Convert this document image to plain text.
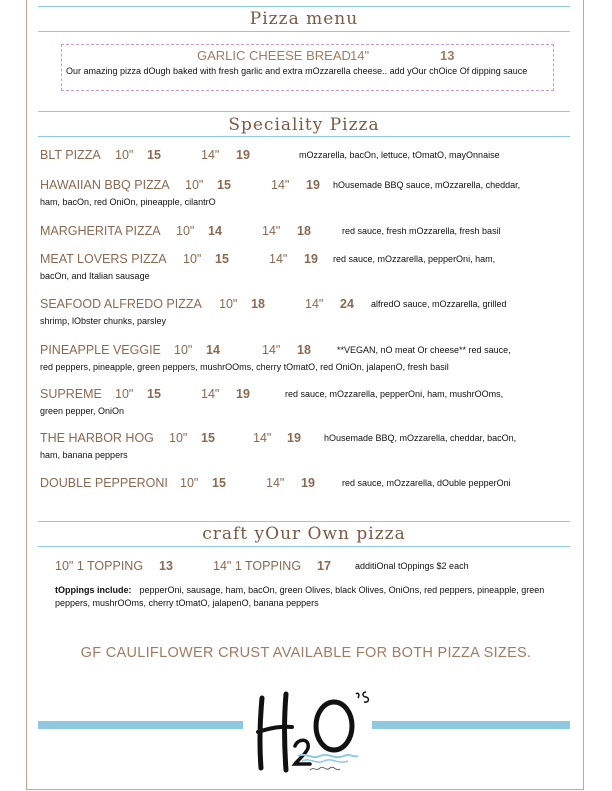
Pizza menu
GARLIC CHEESE BREAD 14"	13
Our amazing pizza dOugh baked with fresh garlic and extra mOzzarella cheese.. add yOur chOice Of dipping sauce
Speciality Pizza
BLT PIZZA 10" 15	14" 19	mOzzarella, bacOn, lettuce, tOmatO, mayOnnaise
HAWAIIAN BBQ PIZZA 10" 15	14" 19 hOusemade BBQ sauce, mOzzarella, cheddar,
ham, bacOn, red OniOn, pineapple, cilantrO
MARGHERITA PIZZA 10" 14	14" 18	red sauce, fresh mOzzarella, fresh basil
MEAT LOVERS PIZZA 10" 15	14" 19 red sauce, mOzzarella, pepperOni, ham,
bacOn, and Italian sausage
SEAFOOD ALFREDO PIZZA 10" 18	14" 24 alfredO sauce, mOzzarella, grilled
shrimp, lObster chunks, parsley
PINEAPPLE VEGGIE 10" 14	14" 18	**VEGAN, nO meat Or cheese** red sauce,
red peppers, pineapple, green peppers, mushrOOms, cherry tOmatO, red OniOn, jalapenO, fresh basil
SUPREME 10" 15	14" 19	red sauce, mOzzarella, pepperOni, ham, mushrOOms,
green pepper, OniOn
THE HARBOR HOG 10" 15	14" 19	hOusemade BBQ, mOzzarella, cheddar, bacOn,
ham, banana peppers
DOUBLE PEPPERONI 10" 15	14" 19	red sauce, mOzzarella, dOuble pepperOni
craft yOur Own pizza
10" 1 TOPPING 13	14" 1 TOPPING 17	additiOnal tOppings $2 each
tOppings include: pepperOni, sausage, ham, bacOn, green Olives, black Olives, OniOns, red peppers, pineapple, green peppers, mushrOOms, cherry tOmatO, jalapenO, banana peppers
GF CAULIFLOWER CRUST AVAILABLE FOR BOTH PIZZA SIZES.
